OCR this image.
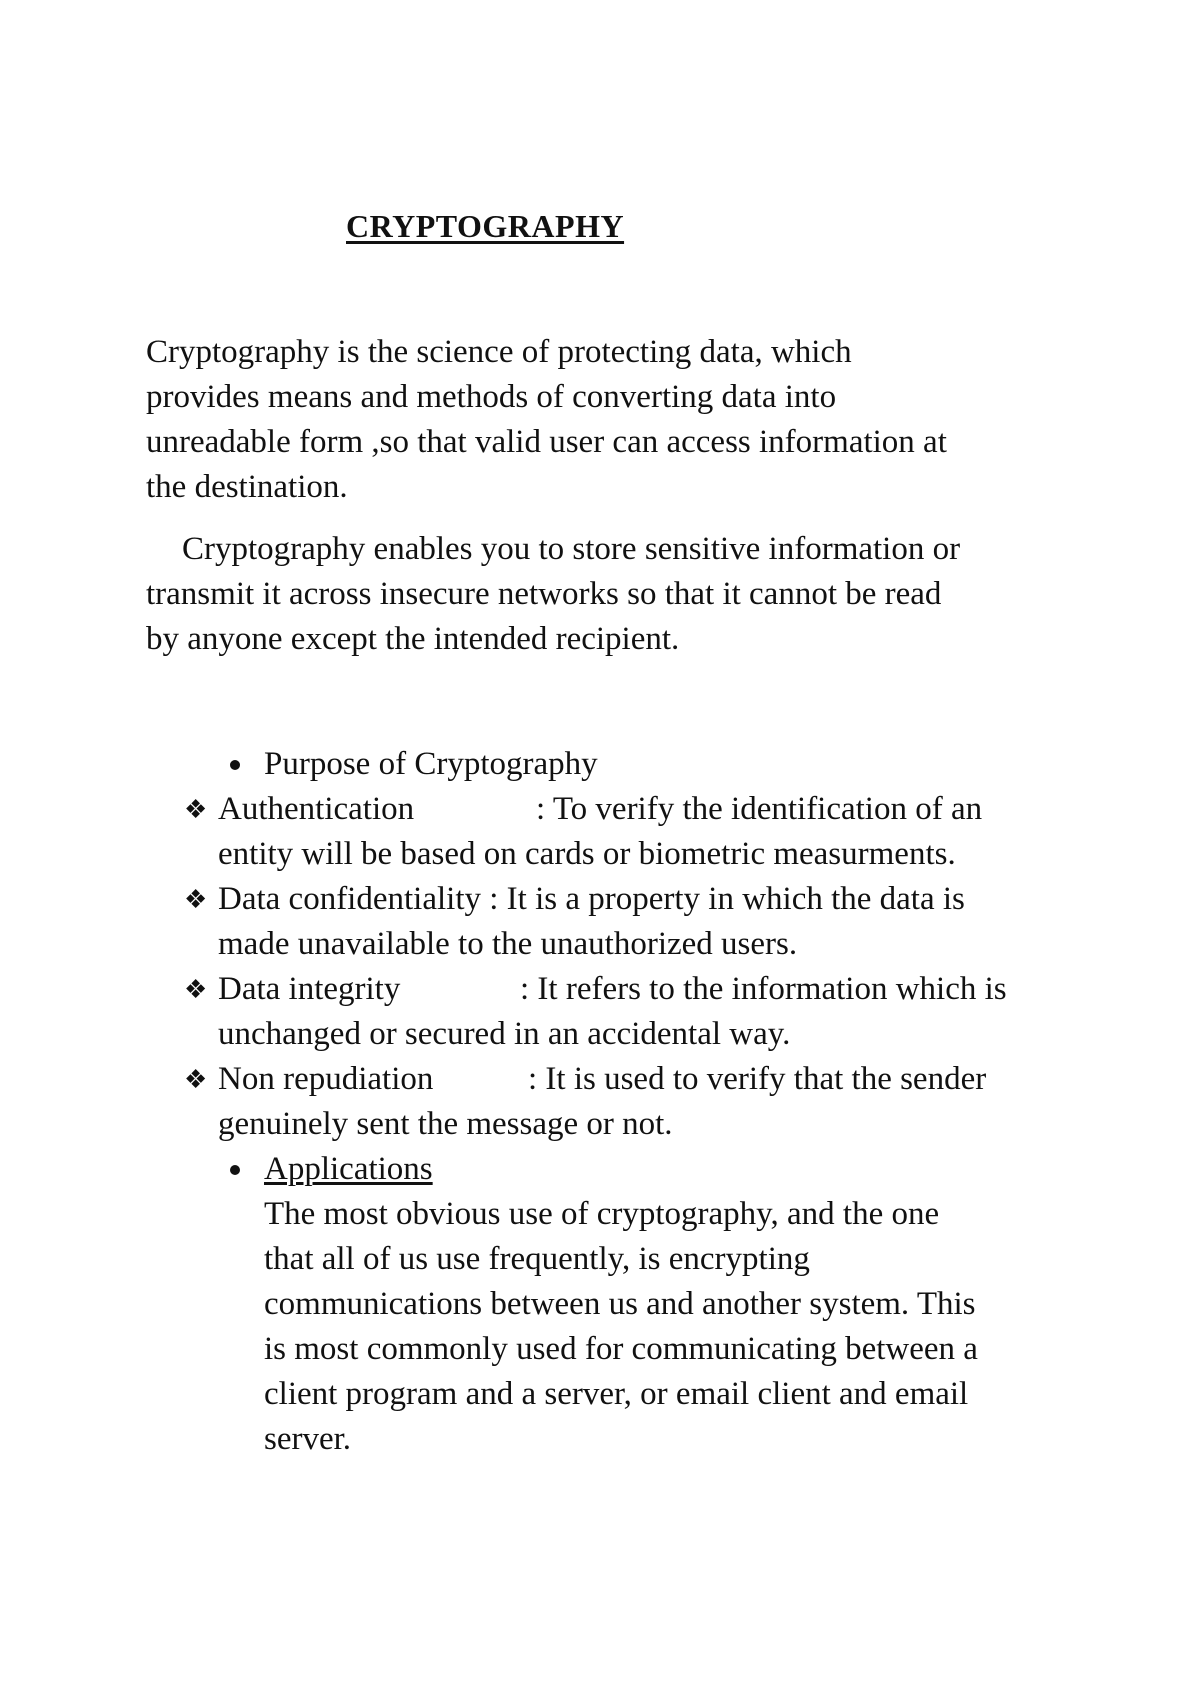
CRYPTOGRAPHY

Cryptography is the science of protecting data, which
provides means and methods of converting data into
unreadable form ,so that valid user can access information at
the destination.

Cryptography enables you to store sensitive information or
transmit it across insecure networks so that it cannot be read
by anyone except the intended recipient.

Purpose of Cryptography
❖ Authentication	: To verify the identification of an
entity will be based on cards or biometric measurments.
❖ Data confidentiality : It is a property in which the data is
made unavailable to the unauthorized users.
❖ Data integrity	: It refers to the information which is
unchanged or secured in an accidental way.
❖ Non repudiation	: It is used to verify that the sender
genuinely sent the message or not.
Applications
The most obvious use of cryptography, and the one
that all of us use frequently, is encrypting
communications between us and another system. This
is most commonly used for communicating between a
client program and a server, or email client and email
server.
